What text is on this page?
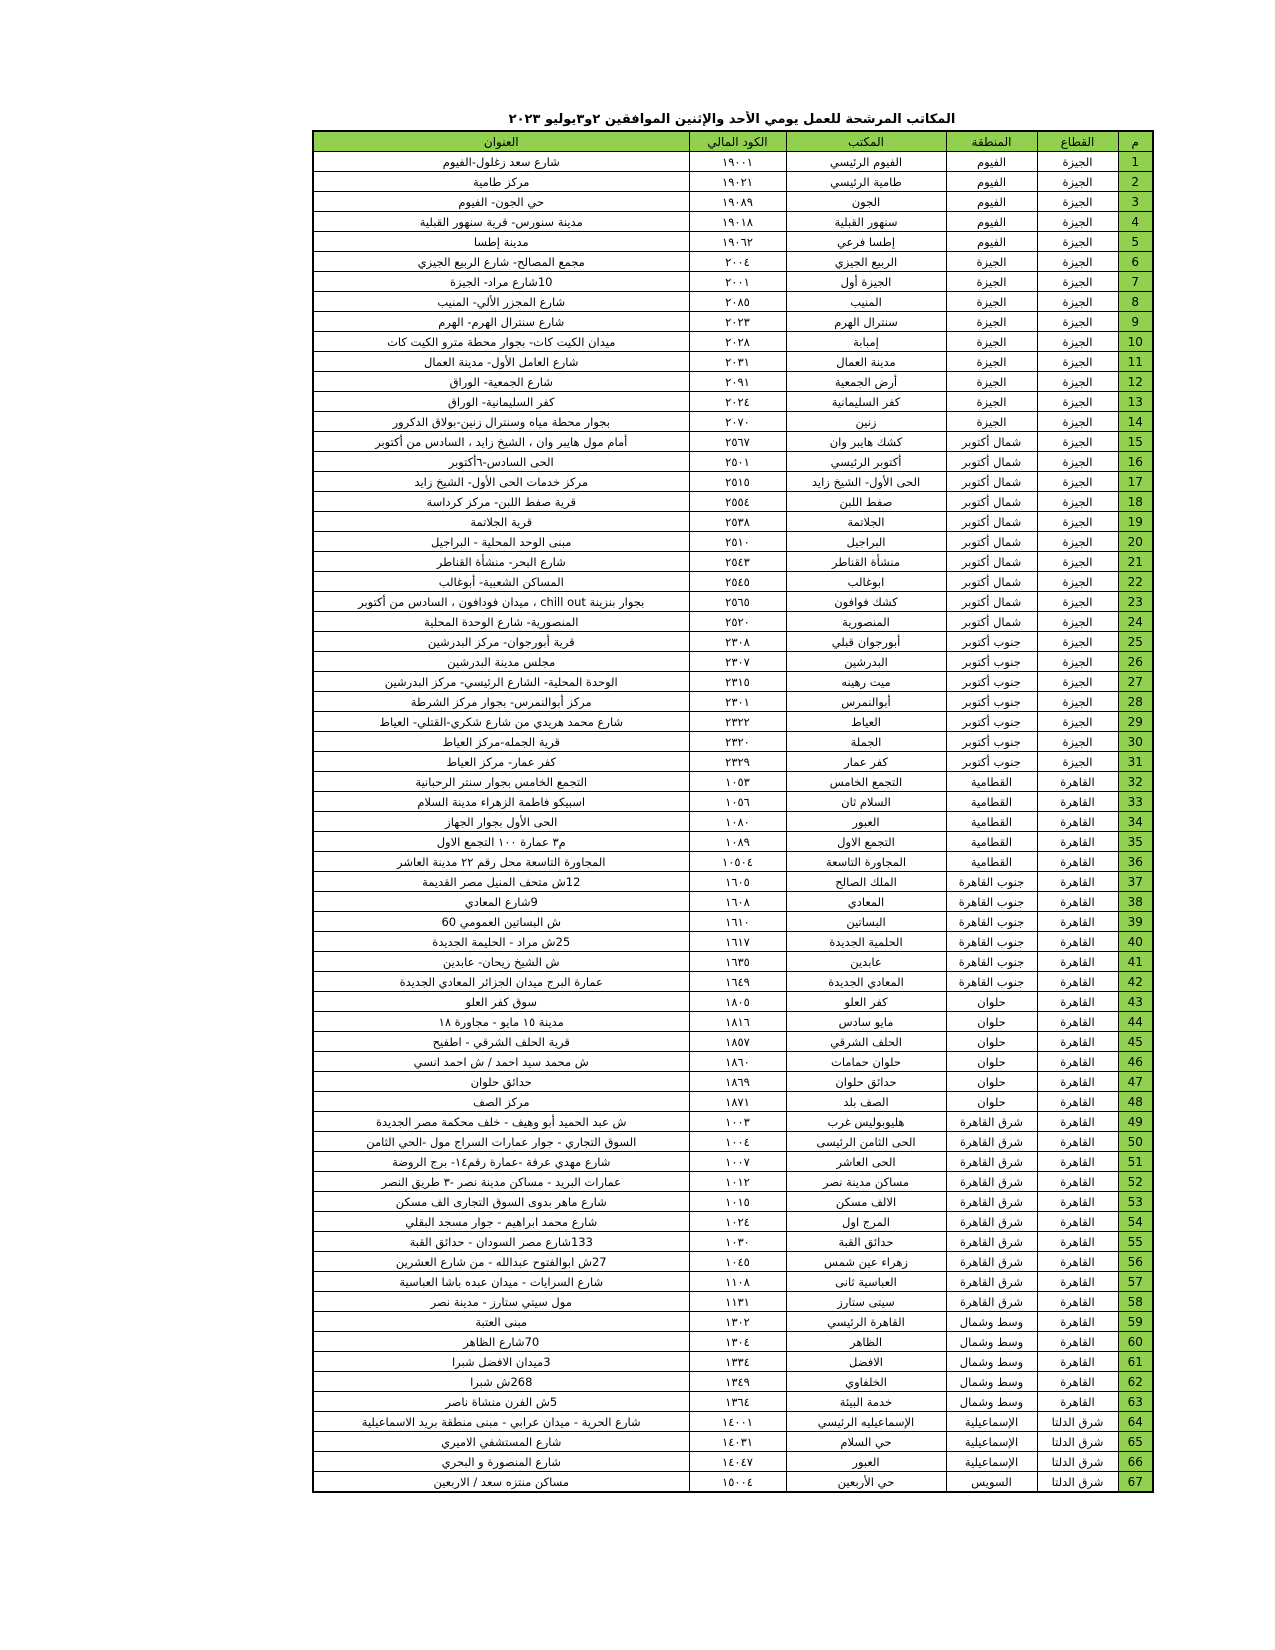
المكاتب المرشحة للعمل يومي الأحد والإثنين الموافقين ٢و٣يوليو ٢٠٢٣
م	القطاع	المنطقة	المكتب	الكود المالي	العنوان
1	الجيزة	الفيوم	الفيوم الرئيسي	١٩٠٠١	شارع سعد زغلول-الفيوم
2	الجيزة	الفيوم	طامية الرئيسي	١٩٠٢١	مركز طامية
3	الجيزة	الفيوم	الجون	١٩٠٨٩	حي الجون- الفيوم
4	الجيزة	الفيوم	سنهور القبلية	١٩٠١٨	مدينة سنورس- قرية سنهور القبلية
5	الجيزة	الفيوم	إطسا فرعي	١٩٠٦٢	مدينة إطسا
6	الجيزة	الجيزة	الربيع الجيزي	٢٠٠٤	مجمع المصالح- شارع الربيع الجيزي
7	الجيزة	الجيزة	الجيزة أول	٢٠٠١	10شارع مراد- الجيزة
8	الجيزة	الجيزة	المنيب	٢٠٨٥	شارع المجزر الألي- المنيب
9	الجيزة	الجيزة	سنترال الهرم	٢٠٢٣	شارع سنترال الهرم- الهرم
10	الجيزة	الجيزة	إمبابة	٢٠٢٨	ميدان الكيت كات- بجوار محطة مترو الكيت كات
11	الجيزة	الجيزة	مدينة العمال	٢٠٣١	شارع العامل الأول- مدينة العمال
12	الجيزة	الجيزة	أرض الجمعية	٢٠٩١	شارع الجمعية- الوراق
13	الجيزة	الجيزة	كفر السليمانية	٢٠٢٤	كفر السليمانية- الوراق
14	الجيزة	الجيزة	زنين	٢٠٧٠	بجوار محطة مياه وسنترال زنين-بولاق الدكرور
15	الجيزة	شمال أكتوبر	كشك هايبر وان	٢٥٦٧	أمام مول هايبر وان ، الشيخ زايد ، السادس من أكتوبر
16	الجيزة	شمال أكتوبر	أكتوبر الرئيسي	٢٥٠١	الحى السادس-٦أكتوبر
17	الجيزة	شمال أكتوبر	الحى الأول- الشيخ زايد	٢٥١٥	مركز خدمات الحى الأول- الشيخ زايد
18	الجيزة	شمال أكتوبر	صفط اللبن	٢٥٥٤	قرية صفط اللبن- مركز كرداسة
19	الجيزة	شمال أكتوبر	الجلاتمة	٢٥٣٨	قرية الجلاتمة
20	الجيزة	شمال أكتوبر	البراجيل	٢٥١٠	مبنى الوحد المحلية - البراجيل
21	الجيزة	شمال أكتوبر	منشأة القناطر	٢٥٤٣	شارع البحر- منشأة القناطر
22	الجيزة	شمال أكتوبر	ابوغالب	٢٥٤٥	المساكن الشعبية- أبوغالب
23	الجيزة	شمال أكتوبر	كشك فوافون	٢٥٦٥	بجوار بنزينة chill out ، ميدان فودافون ، السادس من أكتوبر
24	الجيزة	شمال أكتوبر	المنصورية	٢٥٢٠	المنصورية- شارع الوحدة المحلية
25	الجيزة	جنوب أكتوبر	أبورجوان قبلي	٢٣٠٨	قرية أبورجوان- مركز البدرشين
26	الجيزة	جنوب أكتوبر	البدرشين	٢٣٠٧	مجلس مدينة البدرشين
27	الجيزة	جنوب أكتوبر	ميت رهينه	٢٣١٥	الوحدة المحلية- الشارع الرئيسي- مركز البدرشين
28	الجيزة	جنوب أكتوبر	أبوالنمرس	٢٣٠١	مركز أبوالنمرس- بجوار مركز الشرطة
29	الجيزة	جنوب أكتوبر	العياط	٢٣٢٢	شارع محمد هريدي من شارع شكري-القتلي- العياط
30	الجيزة	جنوب أكتوبر	الجملة	٢٣٢٠	قرية الجمله-مركز العياط
31	الجيزة	جنوب أكتوبر	كفر عمار	٢٣٢٩	كفر عمار- مركز العياط
32	القاهرة	القطامية	التجمع الخامس	١٠٥٣	التجمع الخامس بجوار سنتر الرحبانية
33	القاهرة	القطامية	السلام ثان	١٠٥٦	اسبيكو فاطمة الزهراء مدينة السلام
34	القاهرة	القطامية	العبور	١٠٨٠	الحى الأول بجوار الجهاز
35	القاهرة	القطامية	التجمع الاول	١٠٨٩	م٣ عمارة ١٠٠ التجمع الاول
36	القاهرة	القطامية	المجاورة التاسعة	١٠٥٠٤	المجاورة التاسعة محل رقم ٢٢ مدينة العاشر
37	القاهرة	جنوب القاهرة	الملك الصالح	١٦٠٥	12ش متحف المنيل مصر القديمة
38	القاهرة	جنوب القاهرة	المعادي	١٦٠٨	9شارع المعادي
39	القاهرة	جنوب القاهرة	البساتين	١٦١٠	ش البساتين العمومي 60
40	القاهرة	جنوب القاهرة	الحلمية الجديدة	١٦١٧	25ش مراد - الحليمة الجديدة
41	القاهرة	جنوب القاهرة	عابدين	١٦٣٥	ش الشيخ ريحان- عابدين
42	القاهرة	جنوب القاهرة	المعادي الجديدة	١٦٤٩	عمارة البرج ميدان الجزائر المعادي الجديدة
43	القاهرة	حلوان	كفر العلو	١٨٠٥	سوق كفر العلو
44	القاهرة	حلوان	مايو سادس	١٨١٦	مدينة ١٥ مايو - مجاورة ١٨
45	القاهرة	حلوان	الحلف الشرقي	١٨٥٧	قرية الحلف الشرقي - اطفيح
46	القاهرة	حلوان	حلوان حمامات	١٨٦٠	ش محمد سيد احمد / ش احمد انسي
47	القاهرة	حلوان	حدائق حلوان	١٨٦٩	حدائق حلوان
48	القاهرة	حلوان	الصف بلد	١٨٧١	مركز الصف
49	القاهرة	شرق القاهرة	هليوبوليس غرب	١٠٠٣	ش عبد الحميد أبو وهيف - خلف محكمة مصر الجديدة
50	القاهرة	شرق القاهرة	الحى الثامن الرئيسى	١٠٠٤	السوق التجاري - جوار عمارات السراج مول -الحي الثامن
51	القاهرة	شرق القاهرة	الحى العاشر	١٠٠٧	شارع مهدي عرفة -عمارة رقم١٤- برج الروضة
52	القاهرة	شرق القاهرة	مساكن مدينة نصر	١٠١٢	عمارات البريد - مساكن مدينة نصر -٣ طريق النصر
53	القاهرة	شرق القاهرة	الالف مسكن	١٠١٥	شارع ماهر بدوى السوق التجارى الف مسكن
54	القاهرة	شرق القاهرة	المرج اول	١٠٢٤	شارع محمد ابراهيم - جوار مسجد البقلي
55	القاهرة	شرق القاهرة	حدائق القبة	١٠٣٠	133شارع مصر السودان - حدائق القبة
56	القاهرة	شرق القاهرة	زهراء عين شمس	١٠٤٥	27ش ابوالفتوح عبدالله - من شارع العشرين
57	القاهرة	شرق القاهرة	العباسية ثانى	١١٠٨	شارع السرايات - ميدان عبده باشا العباسية
58	القاهرة	شرق القاهرة	سيتى ستارز	١١٣١	مول سيتي ستارز - مدينة نصر
59	القاهرة	وسط وشمال	القاهرة الرئيسي	١٣٠٢	مبنى العتبة
60	القاهرة	وسط وشمال	الظاهر	١٣٠٤	70شارع الظاهر
61	القاهرة	وسط وشمال	الافضل	١٣٣٤	3ميدان الافضل شبرا
62	القاهرة	وسط وشمال	الخلفاوي	١٣٤٩	268ش شبرا
63	القاهرة	وسط وشمال	خدمة البيئة	١٣٦٤	5ش الفرن منشاة ناصر
64	شرق الدلتا	الإسماعيلية	الإسماعيليه الرئيسي	١٤٠٠١	شارع الحرية - ميدان عرابي - مبنى منطقة بريد الاسماعيلية
65	شرق الدلتا	الإسماعيلية	حي السلام	١٤٠٣١	شارع المستشفي الاميري
66	شرق الدلتا	الإسماعيلية	العبور	١٤٠٤٧	شارع المنصورة و البحري
67	شرق الدلتا	السويس	حي الأربعين	١٥٠٠٤	مساكن منتزه سعد / الاربعين
